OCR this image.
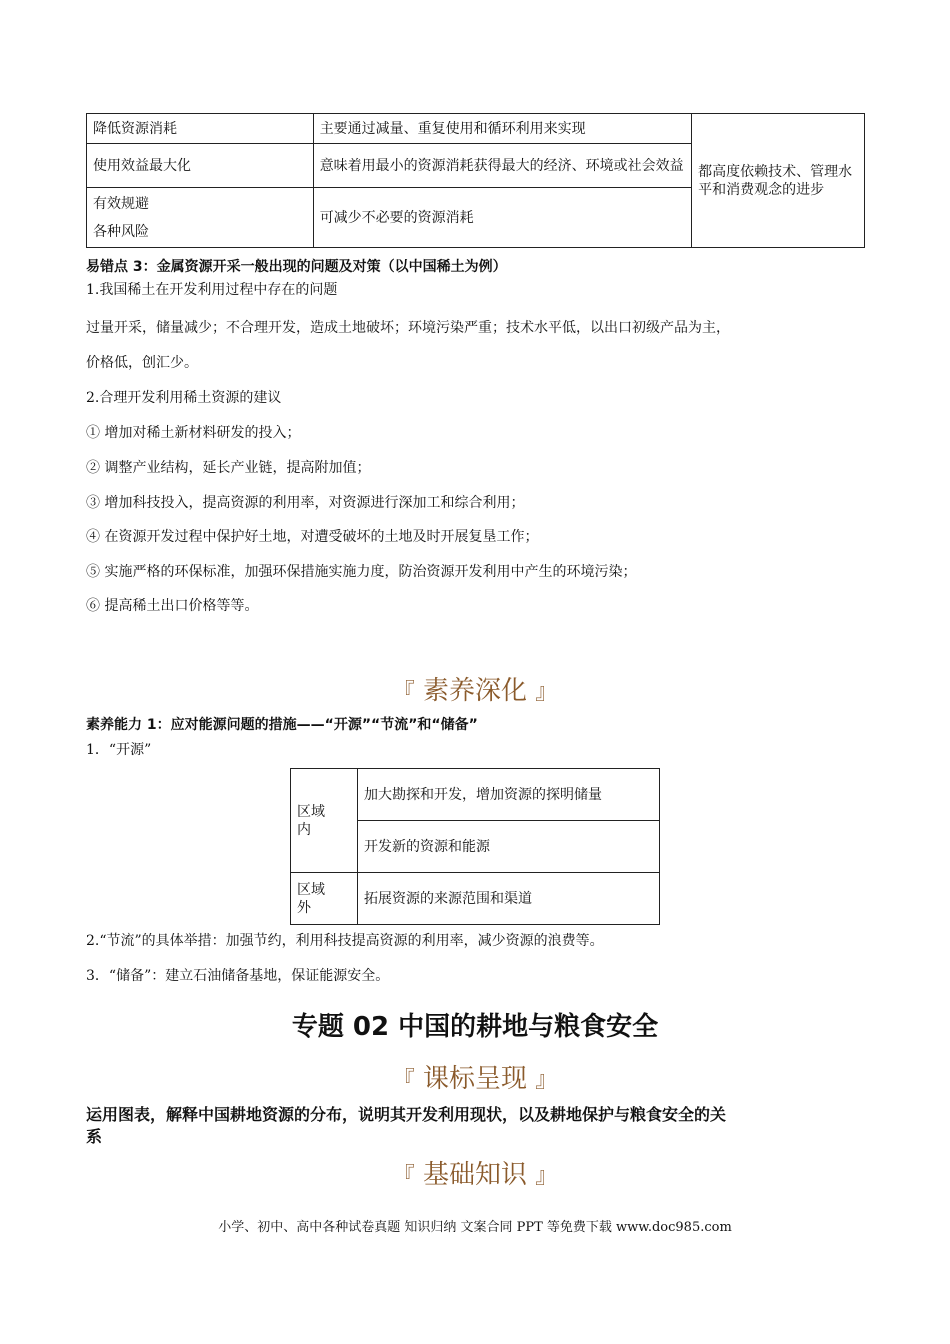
降低资源消耗	主要通过减量、重复使用和循环利用来实现	都高度依赖技术、管理水平和消费观念的进步
使用效益最大化	意味着用最小的资源消耗获得最大的经济、环境或社会效益	

有效规避
各种风险	可减少不必要的资源消耗	
易错点 3：金属资源开采一般出现的问题及对策（以中国稀土为例）
1.我国稀土在开发利用过程中存在的问题
过量开采，储量减少；不合理开发，造成土地破坏；环境污染严重；技术水平低，以出口初级产品为主，
价格低，创汇少。
2.合理开发利用稀土资源的建议
① 增加对稀土新材料研发的投入；
② 调整产业结构，延长产业链，提高附加值；
③ 增加科技投入，提高资源的利用率，对资源进行深加工和综合利用；
④ 在资源开发过程中保护好土地，对遭受破坏的土地及时开展复垦工作；
⑤ 实施严格的环保标准，加强环保措施实施力度，防治资源开发利用中产生的环境污染；
⑥ 提高稀土出口价格等等。
『 素养深化 』
素养能力 1：应对能源问题的措施——“开源”“节流”和“储备”
1．“开源”
区域
内	加大勘探和开发，增加资源的探明储量
	开发新的资源和能源

区域
外	拓展资源的来源范围和渠道
2.“节流”的具体举措：加强节约，利用科技提高资源的利用率，减少资源的浪费等。
3．“储备”：建立石油储备基地，保证能源安全。
专题 02 中国的耕地与粮食安全
『 课标呈现 』
运用图表，解释中国耕地资源的分布，说明其开发利用现状，以及耕地保护与粮食安全的关
系
『 基础知识 』
小学、初中、高中各种试卷真题 知识归纳 文案合同 PPT 等免费下载 www.doc985.com
